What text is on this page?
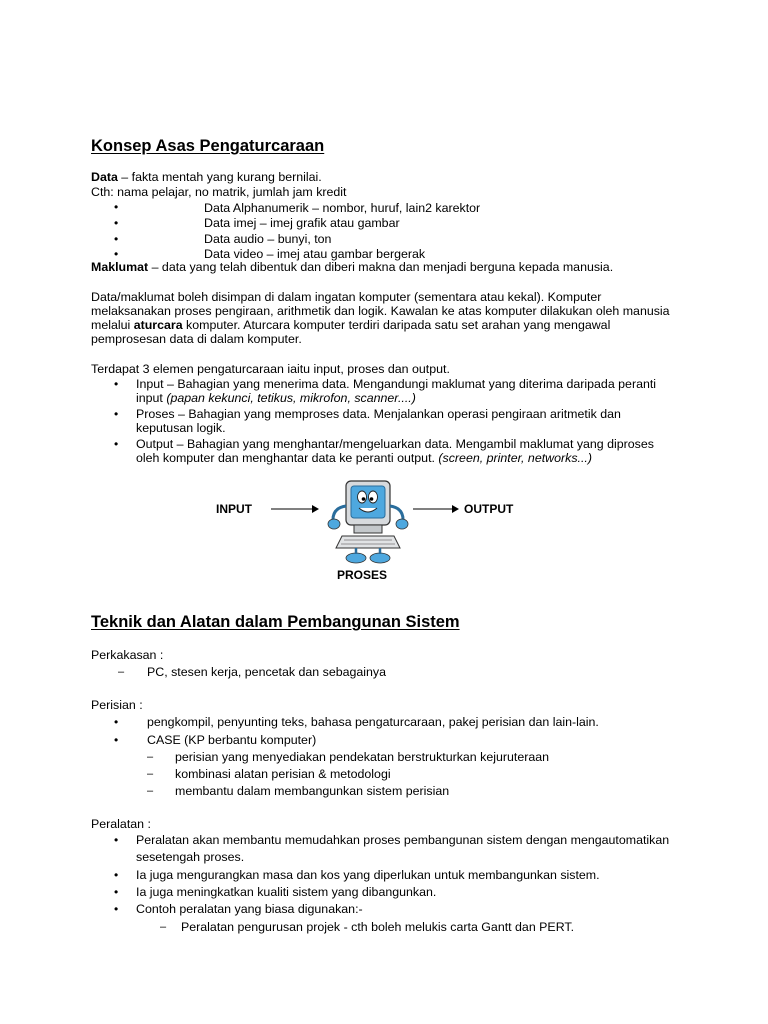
Konsep Asas Pengaturcaraan
Data – fakta mentah yang kurang bernilai.
Cth: nama pelajar, no matrik, jumlah jam kredit
•	Data Alphanumerik – nombor, huruf, lain2 karektor
•	Data imej – imej grafik atau gambar
•	Data audio – bunyi, ton
•	Data video – imej atau gambar bergerak
Maklumat – data yang telah dibentuk dan diberi makna dan menjadi berguna kepada manusia.
Data/maklumat boleh disimpan di dalam ingatan komputer (sementara atau kekal). Komputer
melaksanakan proses pengiraan, arithmetik dan logik. Kawalan ke atas komputer dilakukan oleh manusia
melalui aturcara komputer. Aturcara komputer terdiri daripada satu set arahan yang mengawal
pemprosesan data di dalam komputer.
Terdapat 3 elemen pengaturcaraan iaitu input, proses dan output.
• Input – Bahagian yang menerima data. Mengandungi maklumat yang diterima daripada peranti
input (papan kekunci, tetikus, mikrofon, scanner....)
• Proses – Bahagian yang memproses data. Menjalankan operasi pengiraan aritmetik dan
keputusan logik.
• Output – Bahagian yang menghantar/mengeluarkan data. Mengambil maklumat yang diproses
oleh komputer dan menghantar data ke peranti output. (screen, printer, networks...)
INPUT	OUTPUT
PROSES
Teknik dan Alatan dalam Pembangunan Sistem
Perkakasan :
– PC, stesen kerja, pencetak dan sebagainya
Perisian :
• pengkompil, penyunting teks, bahasa pengaturcaraan, pakej perisian dan lain-lain.
• CASE (KP berbantu komputer)
– perisian yang menyediakan pendekatan berstrukturkan kejuruteraan
– kombinasi alatan perisian & metodologi
– membantu dalam membangunkan sistem perisian
Peralatan :
• Peralatan akan membantu memudahkan proses pembangunan sistem dengan mengautomatikan
sesetengah proses.
• Ia juga mengurangkan masa dan kos yang diperlukan untuk membangunkan sistem.
• Ia juga meningkatkan kualiti sistem yang dibangunkan.
• Contoh peralatan yang biasa digunakan:-
– Peralatan pengurusan projek - cth boleh melukis carta Gantt dan PERT.
